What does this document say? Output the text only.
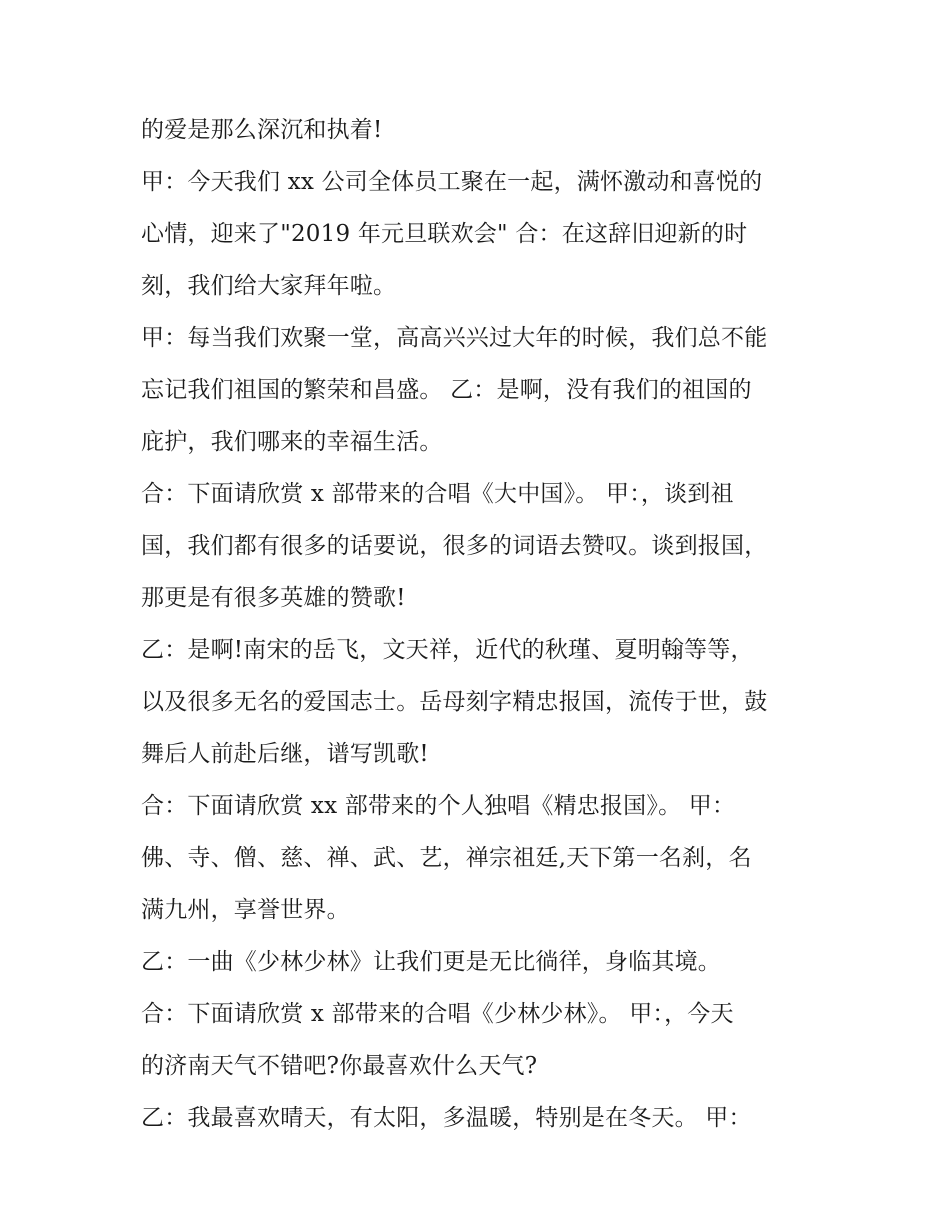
的爱是那么深沉和执着!
甲：今天我们 xx 公司全体员工聚在一起，满怀激动和喜悦的
心情，迎来了"2019 年元旦联欢会" 合：在这辞旧迎新的时
刻，我们给大家拜年啦。
甲：每当我们欢聚一堂，高高兴兴过大年的时候，我们总不能
忘记我们祖国的繁荣和昌盛。 乙：是啊，没有我们的祖国的
庇护，我们哪来的幸福生活。
合：下面请欣赏 x 部带来的合唱《大中国》。 甲：，谈到祖
国，我们都有很多的话要说，很多的词语去赞叹。谈到报国，
那更是有很多英雄的赞歌!
乙：是啊!南宋的岳飞，文天祥，近代的秋瑾、夏明翰等等，
以及很多无名的爱国志士。岳母刻字精忠报国，流传于世，鼓
舞后人前赴后继，谱写凯歌!
合：下面请欣赏 xx 部带来的个人独唱《精忠报国》。 甲：
佛、寺、僧、慈、禅、武、艺，禅宗祖廷,天下第一名刹，名
满九州，享誉世界。
乙：一曲《少林少林》让我们更是无比徜徉，身临其境。
合：下面请欣赏 x 部带来的合唱《少林少林》。 甲：，今天
的济南天气不错吧?你最喜欢什么天气?
乙：我最喜欢晴天，有太阳，多温暖，特别是在冬天。 甲：
